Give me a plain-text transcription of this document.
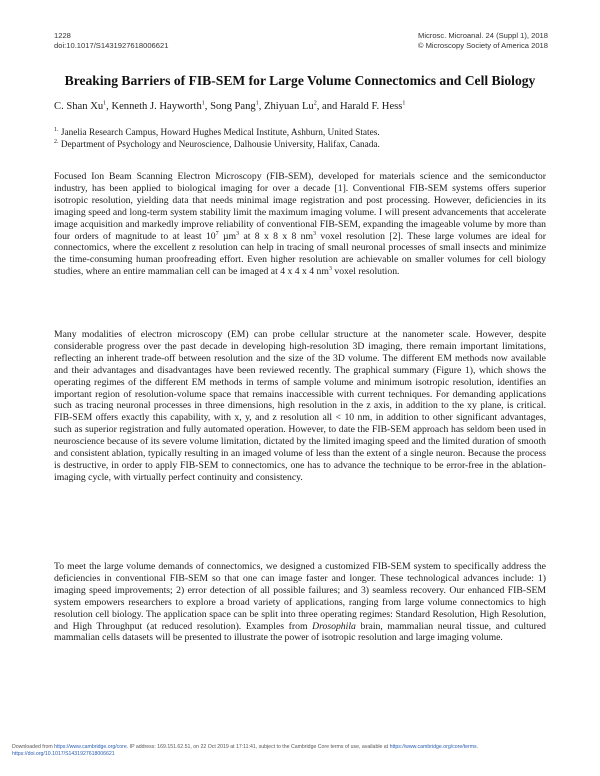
1228
doi:10.1017/S1431927618006621
Microsc. Microanal. 24 (Suppl 1), 2018
© Microscopy Society of America 2018
Breaking Barriers of FIB-SEM for Large Volume Connectomics and Cell Biology
C. Shan Xu$^1$, Kenneth J. Hayworth$^1$, Song Pang$^1$, Zhiyuan Lu$^2$, and Harald F. Hess$^1$
$^{1.}$ Janelia Research Campus, Howard Hughes Medical Institute, Ashburn, United States.
$^{2.}$ Department of Psychology and Neuroscience, Dalhousie University, Halifax, Canada.

Focused Ion Beam Scanning Electron Microscopy (FIB-SEM), developed for materials science and the semiconductor industry, has been applied to biological imaging for over a decade [1]. Conventional FIB-SEM systems offers superior isotropic resolution, yielding data that needs minimal image registration and post processing. However, deficiencies in its imaging speed and long-term system stability limit the maximum imaging volume. I will present advancements that accelerate image acquisition and markedly improve reliability of conventional FIB-SEM, expanding the imageable volume by more than four orders of magnitude to at least $10^7$ µm$^3$ at 8 x 8 x 8 $nm^3$ voxel resolution [2]. These large volumes are ideal for connectomics, where the excellent z resolution can help in tracing of small neuronal processes of small insects and minimize the time-consuming human proofreading effort. Even higher resolution are achievable on smaller volumes for cell biology studies, where an entire mammalian cell can be imaged at 4 x 4 x 4 $nm^3$ voxel resolution.

Many modalities of electron microscopy (EM) can probe cellular structure at the nanometer scale. However, despite considerable progress over the past decade in developing high-resolution 3D imaging, there remain important limitations, reflecting an inherent trade-off between resolution and the size of the 3D volume. The different EM methods now available and their advantages and disadvantages have been reviewed recently. The graphical summary (Figure 1), which shows the operating regimes of the different EM methods in terms of sample volume and minimum isotropic resolution, identifies an important region of resolution-volume space that remains inaccessible with current techniques. For demanding applications such as tracing neuronal processes in three dimensions, high resolution in the z axis, in addition to the xy plane, is critical. FIB-SEM offers exactly this capability, with x, y, and z resolution all < 10 nm, in addition to other significant advantages, such as superior registration and fully automated operation. However, to date the FIB-SEM approach has seldom been used in neuroscience because of its severe volume limitation, dictated by the limited imaging speed and the limited duration of smooth and consistent ablation, typically resulting in an imaged volume of less than the extent of a single neuron. Because the process is destructive, in order to apply FIB-SEM to connectomics, one has to advance the technique to be error-free in the ablation-imaging cycle, with virtually perfect continuity and consistency.

To meet the large volume demands of connectomics, we designed a customized FIB-SEM system to specifically address the deficiencies in conventional FIB-SEM so that one can image faster and longer. These technological advances include: 1) imaging speed improvements; 2) error detection of all possible failures; and 3) seamless recovery. Our enhanced FIB-SEM system empowers researchers to explore a broad variety of applications, ranging from large volume connectomics to high resolution cell biology. The application space can be split into three operating regimes: Standard Resolution, High Resolution, and High Throughput (at reduced resolution). Examples from Drosophila brain, mammalian neural tissue, and cultured mammalian cells datasets will be presented to illustrate the power of isotropic resolution and large imaging volume.

Downloaded from https://www.cambridge.org/core. IP address: 169.151.62.51, on 22 Oct 2019 at 17:11:41, subject to the Cambridge Core terms of use, available at https://www.cambridge.org/core/terms.
https://doi.org/10.1017/S1431927618006621
